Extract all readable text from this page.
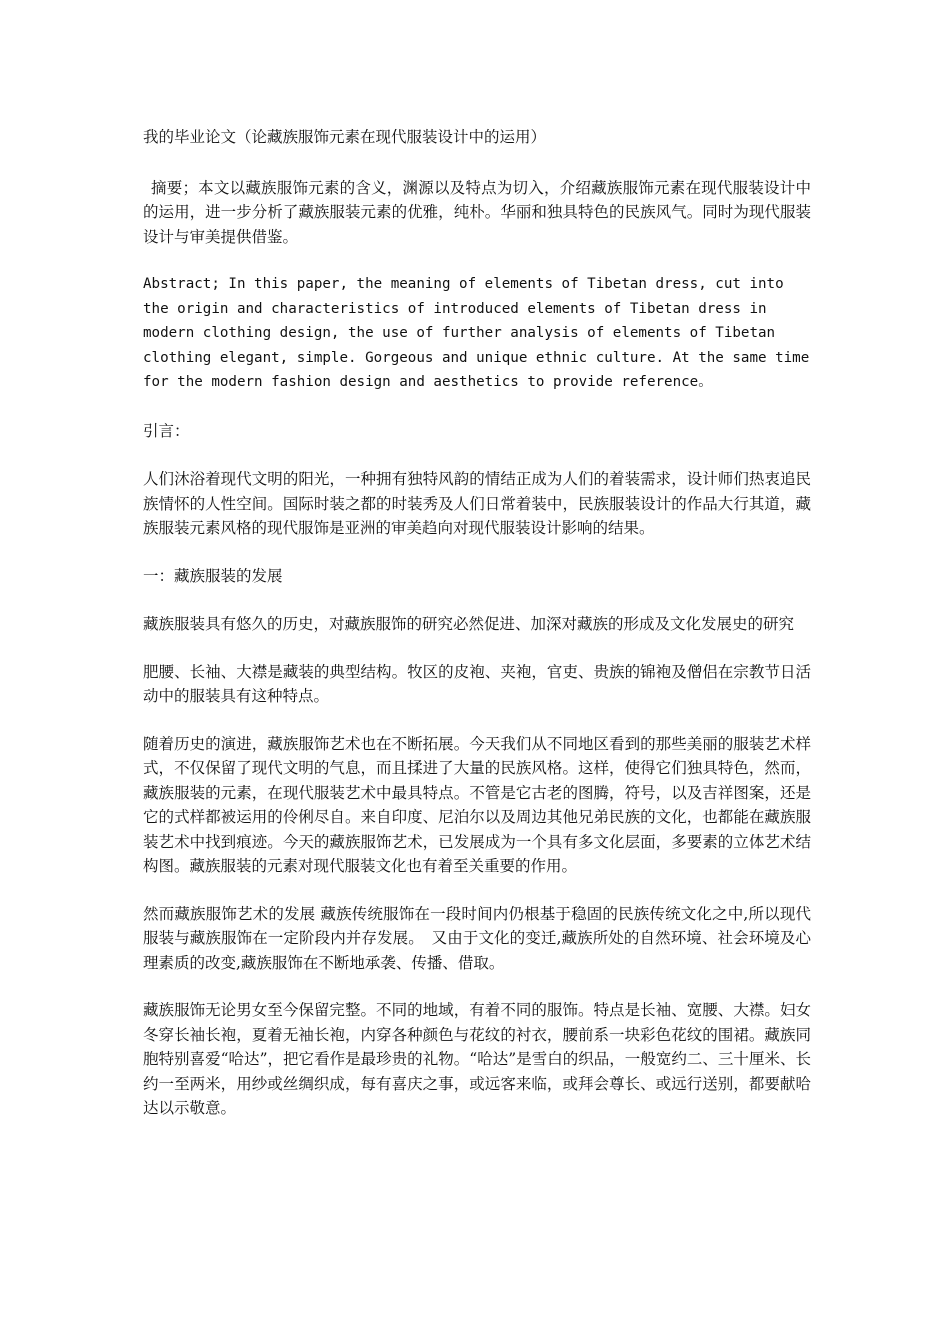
我的毕业论文（论藏族服饰元素在现代服装设计中的运用）

摘要；本文以藏族服饰元素的含义，渊源以及特点为切入，介绍藏族服饰元素在现代服装设计中的运用，进一步分析了藏族服装元素的优雅，纯朴。华丽和独具特色的民族风气。同时为现代服装设计与审美提供借鉴。

Abstract; In this paper, the meaning of elements of Tibetan dress, cut into the origin and characteristics of introduced elements of Tibetan dress in modern clothing design, the use of further analysis of elements of Tibetan clothing elegant, simple. Gorgeous and unique ethnic culture. At the same time for the modern fashion design and aesthetics to provide reference。

引言：

人们沐浴着现代文明的阳光，一种拥有独特风韵的情结正成为人们的着装需求，设计师们热衷追民族情怀的人性空间。国际时装之都的时装秀及人们日常着装中，民族服装设计的作品大行其道，藏族服装元素风格的现代服饰是亚洲的审美趋向对现代服装设计影响的结果。

一：藏族服装的发展

藏族服装具有悠久的历史，对藏族服饰的研究必然促进、加深对藏族的形成及文化发展史的研究

肥腰、长袖、大襟是藏装的典型结构。牧区的皮袍、夹袍，官吏、贵族的锦袍及僧侣在宗教节日活动中的服装具有这种特点。

随着历史的演进，藏族服饰艺术也在不断拓展。今天我们从不同地区看到的那些美丽的服装艺术样式，不仅保留了现代文明的气息，而且揉进了大量的民族风格。这样，使得它们独具特色，然而，藏族服装的元素，在现代服装艺术中最具特点。不管是它古老的图腾，符号，以及吉祥图案，还是它的式样都被运用的伶俐尽自。来自印度、尼泊尔以及周边其他兄弟民族的文化，也都能在藏族服装艺术中找到痕迹。今天的藏族服饰艺术，已发展成为一个具有多文化层面，多要素的立体艺术结构图。藏族服装的元素对现代服装文化也有着至关重要的作用。

然而藏族服饰艺术的发展 藏族传统服饰在一段时间内仍根基于稳固的民族传统文化之中,所以现代服装与藏族服饰在一定阶段内并存发展。　又由于文化的变迁,藏族所处的自然环境、社会环境及心理素质的改变,藏族服饰在不断地承袭、传播、借取。

藏族服饰无论男女至今保留完整。不同的地域，有着不同的服饰。特点是长袖、宽腰、大襟。妇女冬穿长袖长袍，夏着无袖长袍，内穿各种颜色与花纹的衬衣，腰前系一块彩色花纹的围裙。藏族同胞特别喜爱“哈达”，把它看作是最珍贵的礼物。“哈达”是雪白的织品，一般宽约二、三十厘米、长约一至两米，用纱或丝绸织成，每有喜庆之事，或远客来临，或拜会尊长、或远行送别，都要献哈达以示敬意。
